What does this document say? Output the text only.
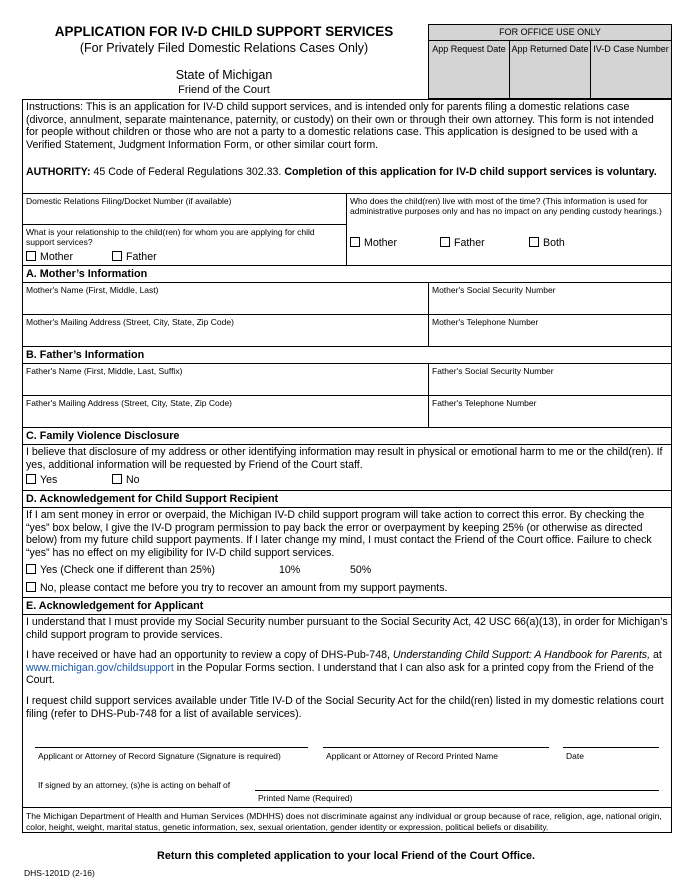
APPLICATION FOR IV-D CHILD SUPPORT SERVICES
(For Privately Filed Domestic Relations Cases Only)
State of Michigan
Friend of the Court
FOR OFFICE USE ONLY
App Request Date App Returned Date IV-D Case Number
Instructions: This is an application for IV-D child support services, and is intended only for parents filing a domestic relations case (divorce, annulment, separate maintenance, paternity, or custody) on their own or through their own attorney. This form is not intended for people without children or those who are not a party to a domestic relations case. This application is designed to be used with a Verified Statement, Judgment Information Form, or other similar court form.
AUTHORITY: 45 Code of Federal Regulations 302.33. Completion of this application for IV-D child support services is voluntary.
Domestic Relations Filing/Docket Number (if available)
What is your relationship to the child(ren) for whom you are applying for child support services?
Mother	Father
Who does the child(ren) live with most of the time? (This information is used for administrative purposes only and has no impact on any pending custody hearings.)
Mother	Father	Both
A. Mother’s Information
Mother's Name (First, Middle, Last)	Mother's Social Security Number
Mother's Mailing Address (Street, City, State, Zip Code)	Mother's Telephone Number
B. Father’s Information
Father's Name (First, Middle, Last, Suffix)	Father's Social Security Number
Father's Mailing Address (Street, City, State, Zip Code)	Father's Telephone Number
C. Family Violence Disclosure
I believe that disclosure of my address or other identifying information may result in physical or emotional harm to me or the child(ren). If yes, additional information will be requested by Friend of the Court staff.
Yes	No
D. Acknowledgement for Child Support Recipient
If I am sent money in error or overpaid, the Michigan IV-D child support program will take action to correct this error. By checking the “yes” box below, I give the IV-D program permission to pay back the error or overpayment by keeping 25% (or otherwise as directed below) from my future child support payments. If I later change my mind, I must contact the Friend of the Court office. Failure to check “yes” has no effect on my eligibility for IV-D child support services.
Yes (Check one if different than 25%)	10%	50%
No, please contact me before you try to recover an amount from my support payments.
E. Acknowledgement for Applicant
I understand that I must provide my Social Security number pursuant to the Social Security Act, 42 USC 66(a)(13), in order for Michigan’s child support program to provide services.
I have received or have had an opportunity to review a copy of DHS-Pub-748, Understanding Child Support: A Handbook for Parents, at www.michigan.gov/childsupport in the Popular Forms section. I understand that I can also ask for a printed copy from the Friend of the Court.
I request child support services available under Title IV-D of the Social Security Act for the child(ren) listed in my domestic relations court filing (refer to DHS-Pub-748 for a list of available services).
Applicant or Attorney of Record Signature (Signature is required)	Applicant or Attorney of Record Printed Name	Date
If signed by an attorney, (s)he is acting on behalf of
Printed Name (Required)
The Michigan Department of Health and Human Services (MDHHS) does not discriminate against any individual or group because of race, religion, age, national origin, color, height, weight, marital status, genetic information, sex, sexual orientation, gender identity or expression, political beliefs or disability.
Return this completed application to your local Friend of the Court Office.
DHS-1201D (2-16)
